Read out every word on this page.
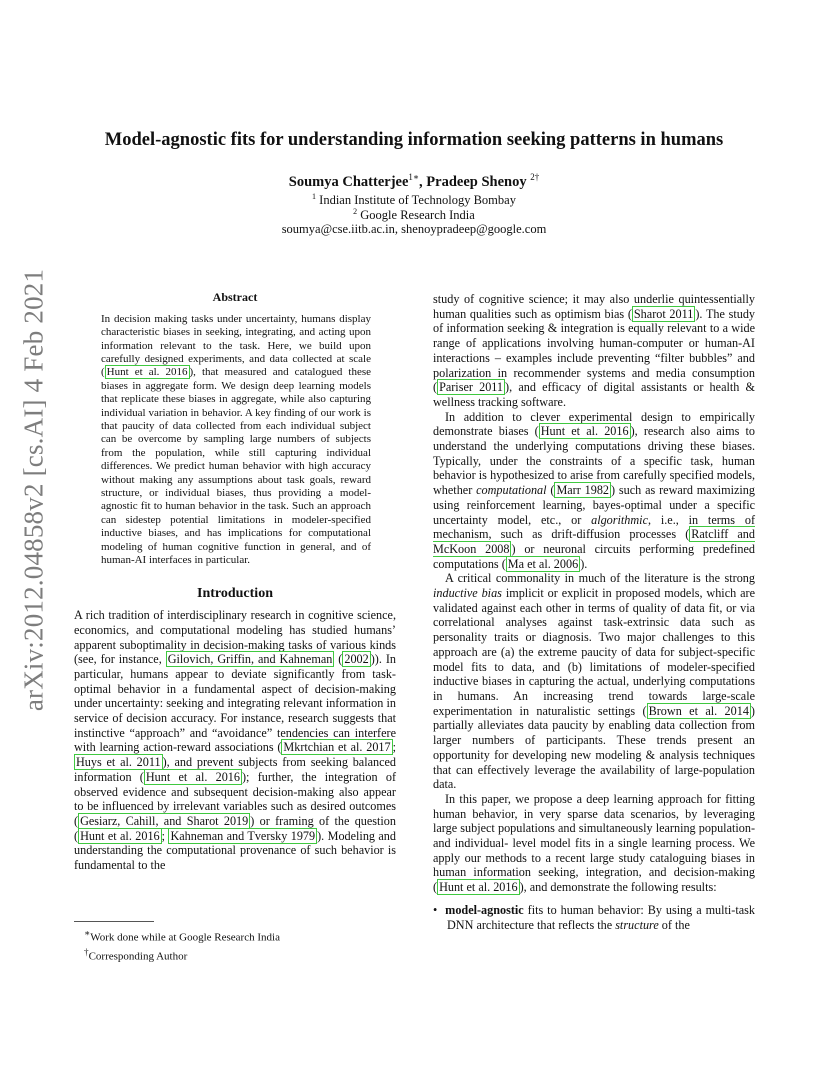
arXiv:2012.04858v2 [cs.AI] 4 Feb 2021
Model-agnostic fits for understanding information seeking patterns in humans
Soumya Chatterjee$^{1∗}$, Pradeep Shenoy $^{2\dagger}$
$^1$ Indian Institute of Technology Bombay
$^2$ Google Research India
soumya@cse.iitb.ac.in, shenoypradeep@google.com
Abstract

In decision making tasks under uncertainty, humans display characteristic biases in seeking, integrating, and acting upon information relevant to the task. Here, we build upon carefully designed experiments, and data collected at scale ( Hunt et al. 2016 ), that measured and catalogued these biases in aggregate form. We design deep learning models that replicate these biases in aggregate, while also capturing individual variation in behavior. A key finding of our work is that paucity of data collected from each individual subject can be overcome by sampling large numbers of subjects from the population, while still capturing individual differences. We predict human behavior with high accuracy without making any assumptions about task goals, reward structure, or individual biases, thus providing a model-agnostic fit to human behavior in the task. Such an approach can sidestep potential limitations in modeler-specified inductive biases, and has implications for computational modeling of human cognitive function in general, and of human-AI interfaces in particular.

Introduction

A rich tradition of interdisciplinary research in cognitive science, economics, and computational modeling has studied humans’ apparent suboptimality in decision-making tasks of various kinds (see, for instance, Gilovich, Griffin, and Kahneman ( 2002 )). In particular, humans appear to deviate significantly from task-optimal behavior in a fundamental aspect of decision-making under uncertainty: seeking and integrating relevant information in service of decision accuracy. For instance, research suggests that instinctive “approach” and “avoidance” tendencies can interfere with learning action-reward associations ( Mkrtchian et al. 2017 ; Huys et al. 2011 ), and prevent subjects from seeking balanced information ( Hunt et al. 2016 ); further, the integration of observed evidence and subsequent decision-making also appear to be influenced by irrelevant variables such as desired outcomes ( Gesiarz, Cahill, and Sharot 2019 ) or framing of the question ( Hunt et al. 2016 ; Kahneman and Tversky 1979 ). Modeling and understanding the computational provenance of such behavior is fundamental to the

∗Work done while at Google Research India
†Corresponding Author

study of cognitive science; it may also underlie quintessentially human qualities such as optimism bias ( Sharot 2011 ). The study of information seeking & integration is equally relevant to a wide range of applications involving human-computer or human-AI interactions – examples include preventing “filter bubbles” and polarization in recommender systems and media consumption ( Pariser 2011 ), and efficacy of digital assistants or health & wellness tracking software.

In addition to clever experimental design to empirically demonstrate biases ( Hunt et al. 2016 ), research also aims to understand the underlying computations driving these biases. Typically, under the constraints of a specific task, human behavior is hypothesized to arise from carefully specified models, whether computational ( Marr 1982 ) such as reward maximizing using reinforcement learning, bayes-optimal under a specific uncertainty model, etc., or algorithmic, i.e., in terms of mechanism, such as drift-diffusion processes ( Ratcliff and McKoon 2008 ) or neuronal circuits performing predefined computations ( Ma et al. 2006 ).

A critical commonality in much of the literature is the strong inductive bias implicit or explicit in proposed models, which are validated against each other in terms of quality of data fit, or via correlational analyses against task-extrinsic data such as personality traits or diagnosis. Two major challenges to this approach are (a) the extreme paucity of data for subject-specific model fits to data, and (b) limitations of modeler-specified inductive biases in capturing the actual, underlying computations in humans. An increasing trend towards large-scale experimentation in naturalistic settings ( Brown et al. 2014 ) partially alleviates data paucity by enabling data collection from larger numbers of participants. These trends present an opportunity for developing new modeling & analysis techniques that can effectively leverage the availability of large-population data.

In this paper, we propose a deep learning approach for fitting human behavior, in very sparse data scenarios, by leveraging large subject populations and simultaneously learning population- and individual- level model fits in a single learning process. We apply our methods to a recent large study cataloguing biases in human information seeking, integration, and decision-making ( Hunt et al. 2016 ), and demonstrate the following results:

• model-agnostic fits to human behavior: By using a multi-task DNN architecture that reflects the structure of the
